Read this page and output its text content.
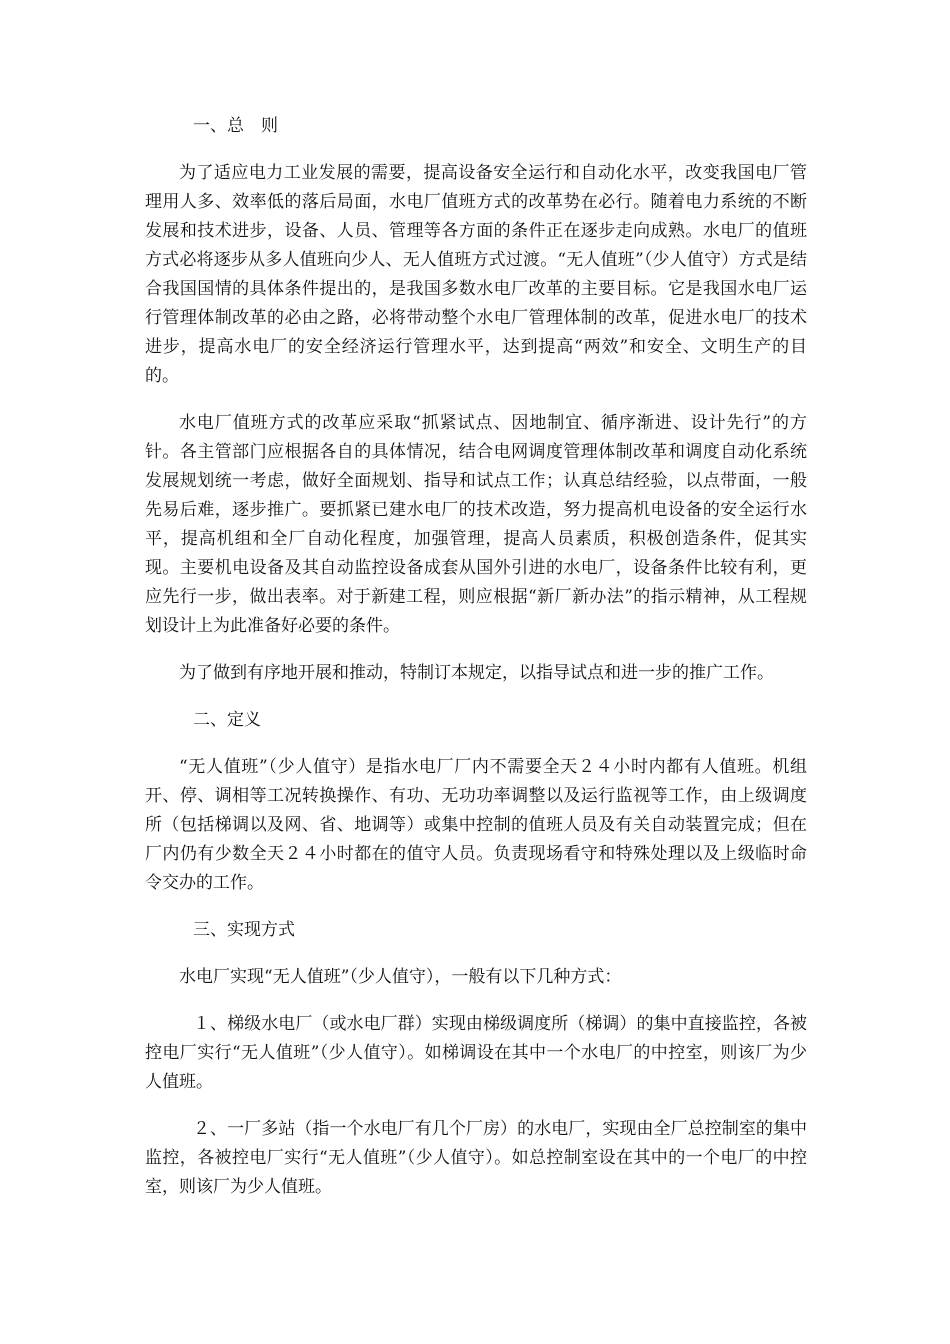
一、总　则

为了适应电力工业发展的需要，提高设备安全运行和自动化水平，改变我国电厂管理用人多、效率低的落后局面，水电厂值班方式的改革势在必行。随着电力系统的不断发展和技术进步，设备、人员、管理等各方面的条件正在逐步走向成熟。水电厂的值班方式必将逐步从多人值班向少人、无人值班方式过渡。“无人值班”（少人值守）方式是结合我国国情的具体条件提出的，是我国多数水电厂改革的主要目标。它是我国水电厂运行管理体制改革的必由之路，必将带动整个水电厂管理体制的改革，促进水电厂的技术进步，提高水电厂的安全经济运行管理水平，达到提高“两效”和安全、文明生产的目的。

水电厂值班方式的改革应采取“抓紧试点、因地制宜、循序渐进、设计先行”的方针。各主管部门应根据各自的具体情况，结合电网调度管理体制改革和调度自动化系统发展规划统一考虑，做好全面规划、指导和试点工作；认真总结经验，以点带面，一般先易后难，逐步推广。要抓紧已建水电厂的技术改造，努力提高机电设备的安全运行水平，提高机组和全厂自动化程度，加强管理，提高人员素质，积极创造条件，促其实现。主要机电设备及其自动监控设备成套从国外引进的水电厂，设备条件比较有利，更应先行一步，做出表率。对于新建工程，则应根据“新厂新办法”的指示精神，从工程规划设计上为此准备好必要的条件。

为了做到有序地开展和推动，特制订本规定，以指导试点和进一步的推广工作。

二、定义

“无人值班”（少人值守）是指水电厂厂内不需要全天２４小时内都有人值班。机组开、停、调相等工况转换操作、有功、无功功率调整以及运行监视等工作，由上级调度所（包括梯调以及网、省、地调等）或集中控制的值班人员及有关自动装置完成；但在厂内仍有少数全天２４小时都在的值守人员。负责现场看守和特殊处理以及上级临时命令交办的工作。

三、实现方式

水电厂实现“无人值班”（少人值守），一般有以下几种方式：

１、梯级水电厂（或水电厂群）实现由梯级调度所（梯调）的集中直接监控，各被控电厂实行“无人值班”（少人值守）。如梯调设在其中一个水电厂的中控室，则该厂为少人值班。

２、一厂多站（指一个水电厂有几个厂房）的水电厂，实现由全厂总控制室的集中监控，各被控电厂实行“无人值班”（少人值守）。如总控制室设在其中的一个电厂的中控室，则该厂为少人值班。
